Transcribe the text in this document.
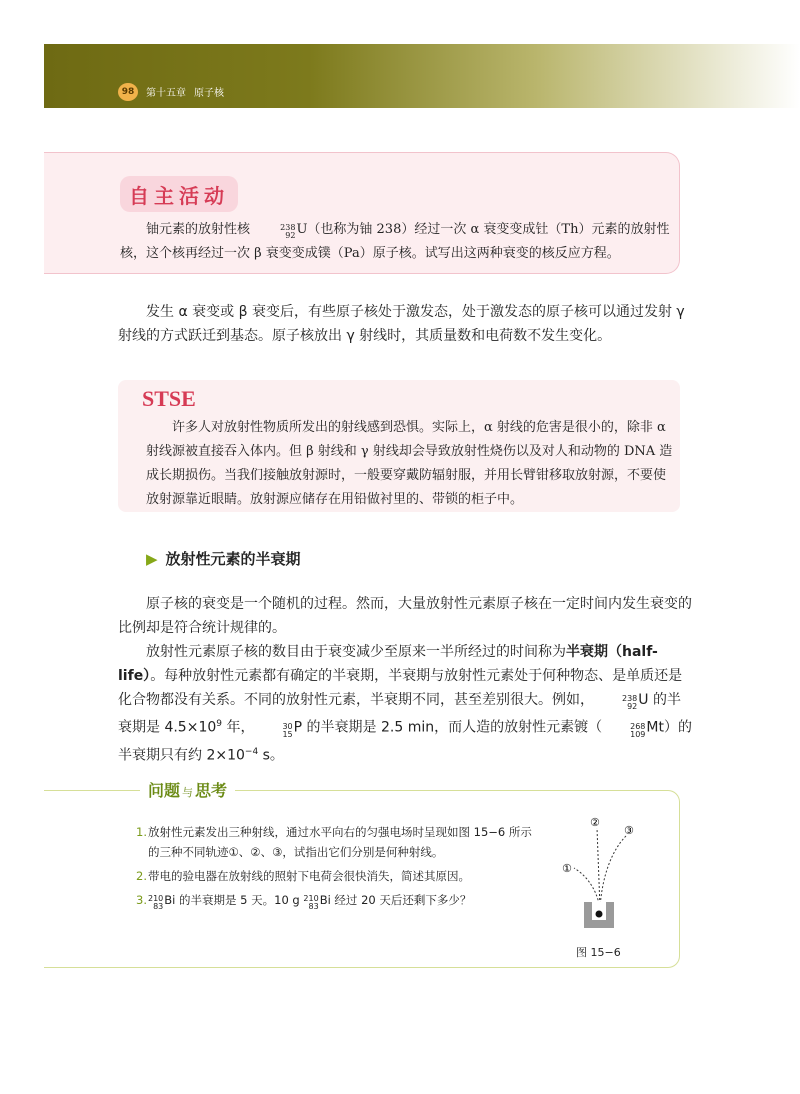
98	第十五章 原子核
自主活动
铀元素的放射性核	238
92 U（也称为铀 238）经过一次 α 衰变变成钍（Th）元素的放射性核，这个核再经过一次 β 衰变变成镤（Pa）原子核。试写出这两种衰变的核反应方程。
发生 α 衰变或 β 衰变后，有些原子核处于激发态，处于激发态的原子核可以通过发射 γ 射线的方式跃迁到基态。原子核放出 γ 射线时，其质量数和电荷数不发生变化。
STSE
许多人对放射性物质所发出的射线感到恐惧。实际上，α 射线的危害是很小的，除非 α 射线源被直接吞入体内。但 β 射线和 γ 射线却会导致放射性烧伤以及对人和动物的 DNA 造成长期损伤。当我们接触放射源时，一般要穿戴防辐射服，并用长臂钳移取放射源，不要使放射源靠近眼睛。放射源应储存在用铅做衬里的、带锁的柜子中。
▶ 放射性元素的半衰期

原子核的衰变是一个随机的过程。然而，大量放射性元素原子核在一定时间内发生衰变的比例却是符合统计规律的。

放射性元素原子核的数目由于衰变减少至原来一半所经过的时间称为半衰期（half-life）。每种放射性元素都有确定的半衰期，半衰期与放射性元素处于何种物态、是单质还是化合物都没有关系。不同的放射性元素，半衰期不同，甚至差别很大。例如，	238
92 U 的半衰期是 $4.5\times 10^9$ 年，	30
15 P 的半衰期是 2.5 min，而人造的放射性元素镀（	268
109 Mt）的半衰期只有约 $2\times 10^{-4}$ s。

问题 与 思考
1. 放射性元素发出三种射线，通过水平向右的匀强电场时呈现如图 15−6 所示的三种不同轨迹①、②、③，试指出它们分别是何种射线。
2. 带电的验电器在放射线的照射下电荷会很快消失，简述其原因。
3. 210
83 Bi 的半衰期是 5 天。10 g 210
83 Bi 经过 20 天后还剩下多少？
①
②
③
图 15−6
